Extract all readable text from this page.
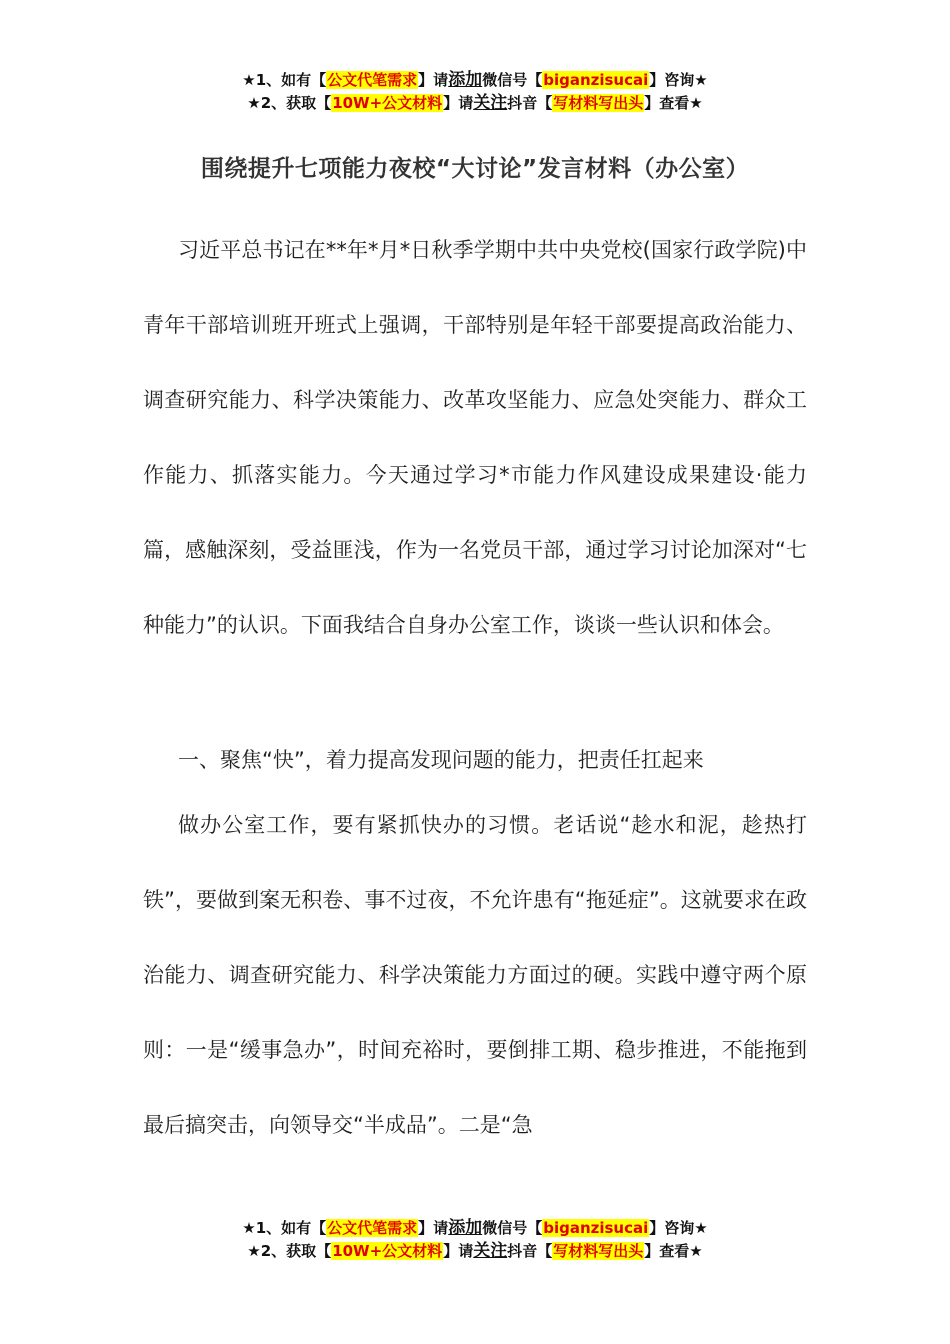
★1、如有【公文代笔需求】请添加微信号【biganzisucai】咨询★
★2、获取【10W+公文材料】请关注抖音【写材料写出头】查看★
围绕提升七项能力夜校“大讨论”发言材料（办公室）

习近平总书记在**年*月*日秋季学期中共中央党校(国家行政学院)中青年干部培训班开班式上强调，干部特别是年轻干部要提高政治能力、调查研究能力、科学决策能力、改革攻坚能力、应急处突能力、群众工作能力、抓落实能力。今天通过学习*市能力作风建设成果建设·能力篇，感触深刻，受益匪浅，作为一名党员干部，通过学习讨论加深对“七种能力”的认识。下面我结合自身办公室工作，谈谈一些认识和体会。

一、聚焦“快”，着力提高发现问题的能力，把责任扛起来

做办公室工作，要有紧抓快办的习惯。老话说“趁水和泥，趁热打铁”，要做到案无积卷、事不过夜，不允许患有“拖延症”。这就要求在政治能力、调查研究能力、科学决策能力方面过的硬。实践中遵守两个原则：一是“缓事急办”，时间充裕时，要倒排工期、稳步推进，不能拖到最后搞突击，向领导交“半成品”。二是“急

★1、如有【公文代笔需求】请添加微信号【biganzisucai】咨询★
★2、获取【10W+公文材料】请关注抖音【写材料写出头】查看★
